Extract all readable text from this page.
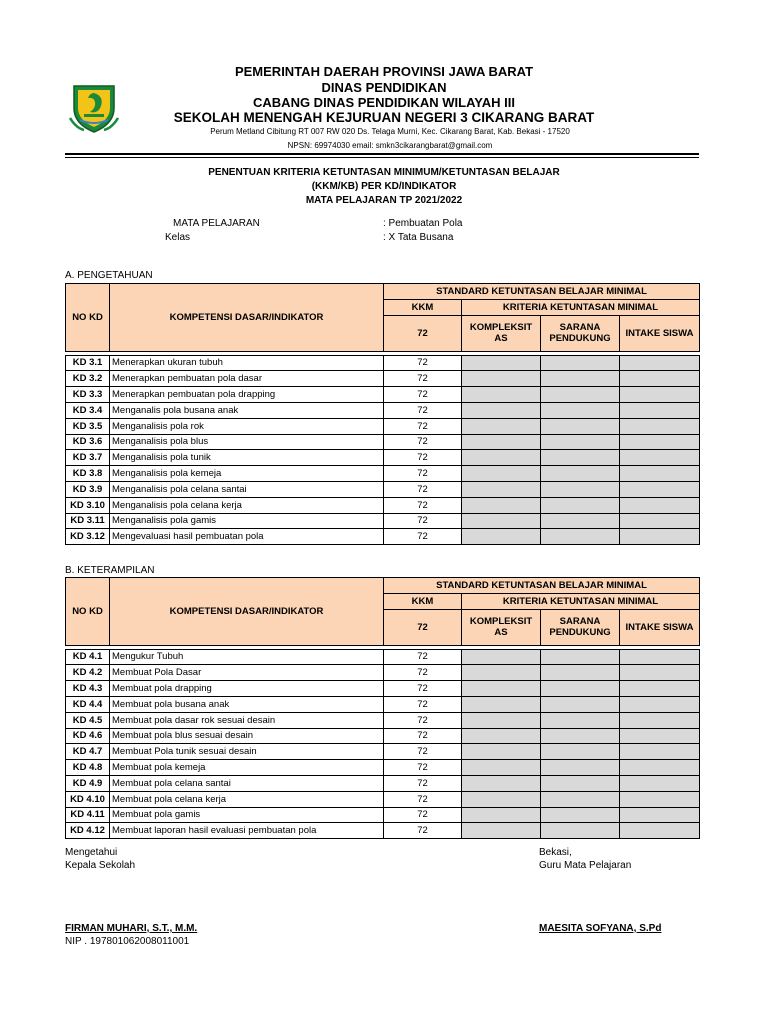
PEMERINTAH DAERAH PROVINSI JAWA BARAT
DINAS PENDIDIKAN
CABANG DINAS PENDIDIKAN WILAYAH III
SEKOLAH MENENGAH KEJURUAN NEGERI 3 CIKARANG BARAT
Perum Metland Cibitung RT 007 RW 020 Ds. Telaga Murni, Kec. Cikarang Barat, Kab. Bekasi - 17520
NPSN: 69974030 email: smkn3cikarangbarat@gmail.com
PENENTUAN KRITERIA KETUNTASAN MINIMUM/KETUNTASAN BELAJAR
(KKM/KB) PER KD/INDIKATOR
MATA PELAJARAN TP 2021/2022
MATA PELAJARAN	: Pembuatan Pola
Kelas	: X Tata Busana
A. PENGETAHUAN
NO KD	KOMPETENSI DASAR/INDIKATOR	STANDARD KETUNTASAN BELAJAR MINIMAL			
		KKM	KRITERIA KETUNTASAN MINIMAL		
		72	KOMPLEKSIT AS	SARANA PENDUKUNG	INTAKE SISWA

KD 3.1	Menerapkan ukuran tubuh	72			
KD 3.2	Menerapkan pembuatan pola dasar	72			
KD 3.3	Menerapkan pembuatan pola drapping	72			
KD 3.4	Menganalis pola busana anak	72			
KD 3.5	Menganalisis pola rok	72			
KD 3.6	Menganalisis pola blus	72			
KD 3.7	Menganalisis pola tunik	72			
KD 3.8	Menganalisis pola kemeja	72			
KD 3.9	Menganalisis pola celana santai	72			
KD 3.10	Menganalisis pola celana kerja	72			
KD 3.11	Menganalisis pola gamis	72			
KD 3.12	Mengevaluasi hasil pembuatan pola	72			
B. KETERAMPILAN
NO KD	KOMPETENSI DASAR/INDIKATOR	STANDARD KETUNTASAN BELAJAR MINIMAL			
		KKM	KRITERIA KETUNTASAN MINIMAL		
		72	KOMPLEKSIT AS	SARANA PENDUKUNG	INTAKE SISWA

KD 4.1	Mengukur Tubuh	72			
KD 4.2	Membuat Pola Dasar	72			
KD 4.3	Membuat pola drapping	72			
KD 4.4	Membuat pola busana anak	72			
KD 4.5	Membuat pola dasar rok sesuai desain	72			
KD 4.6	Membuat pola blus sesuai desain	72			
KD 4.7	Membuat Pola tunik sesuai desain	72			
KD 4.8	Membuat pola kemeja	72			
KD 4.9	Membuat pola celana santai	72			
KD 4.10	Membuat pola celana kerja	72			
KD 4.11	Membuat pola gamis	72			
KD 4.12	Membuat laporan hasil evaluasi pembuatan pola	72			
Mengetahui
Kepala Sekolah
FIRMAN MUHARI, S.T., M.M.
NIP . 197801062008011001
Bekasi,
Guru Mata Pelajaran
MAESITA SOFYANA, S.Pd
